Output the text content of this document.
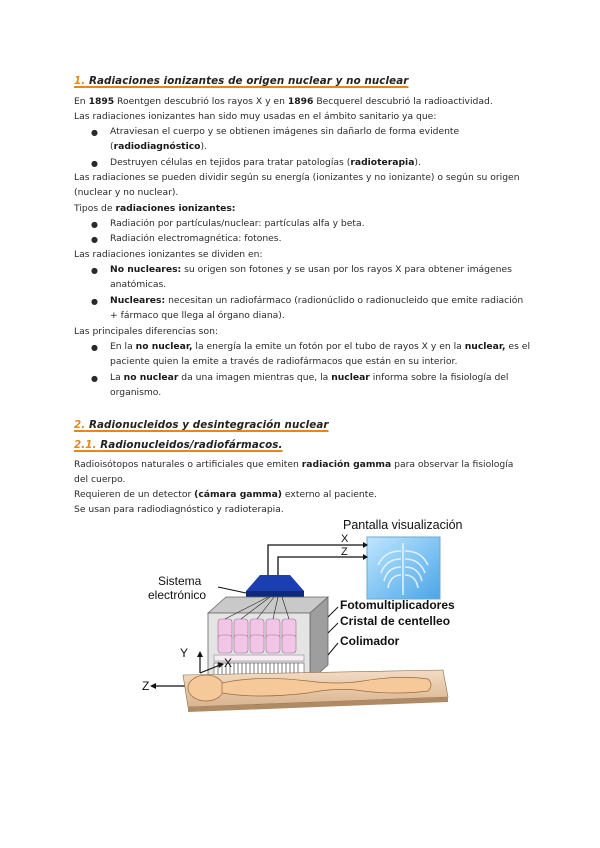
1. Radiaciones ionizantes de origen nuclear y no nuclear
En 1895 Roentgen descubrió los rayos X y en 1896 Becquerel descubrió la radioactividad.
Las radiaciones ionizantes han sido muy usadas en el ámbito sanitario ya que:
● Atraviesan el cuerpo y se obtienen imágenes sin dañarlo de forma evidente (radiodiagnóstico).
● Destruyen células en tejidos para tratar patologías (radioterapia).
Las radiaciones se pueden dividir según su energía (ionizantes y no ionizante) o según su origen (nuclear y no nuclear).
Tipos de radiaciones ionizantes:
● Radiación por partículas/nuclear: partículas alfa y beta.
● Radiación electromagnética: fotones.
Las radiaciones ionizantes se dividen en:
● No nucleares: su origen son fotones y se usan por los rayos X para obtener imágenes anatómicas.
● Nucleares: necesitan un radiofármaco (radionúclido o radionucleido que emite radiación + fármaco que llega al órgano diana).
Las principales diferencias son:
● En la no nuclear, la energía la emite un fotón por el tubo de rayos X y en la nuclear, es el paciente quien la emite a través de radiofármacos que están en su interior.
● La no nuclear da una imagen mientras que, la nuclear informa sobre la fisiología del organismo.
2. Radionucleidos y desintegración nuclear
2.1. Radionucleidos/radiofármacos.
Radioisótopos naturales o artificiales que emiten radiación gamma para observar la fisiología del cuerpo.
Requieren de un detector (cámara gamma) externo al paciente.
Se usan para radiodiagnóstico y radioterapia.
Pantalla visualización
X
Z
Sistema
electrónico
Fotomultiplicadores
Cristal de centelleo
Colimador
Y
X
Z
